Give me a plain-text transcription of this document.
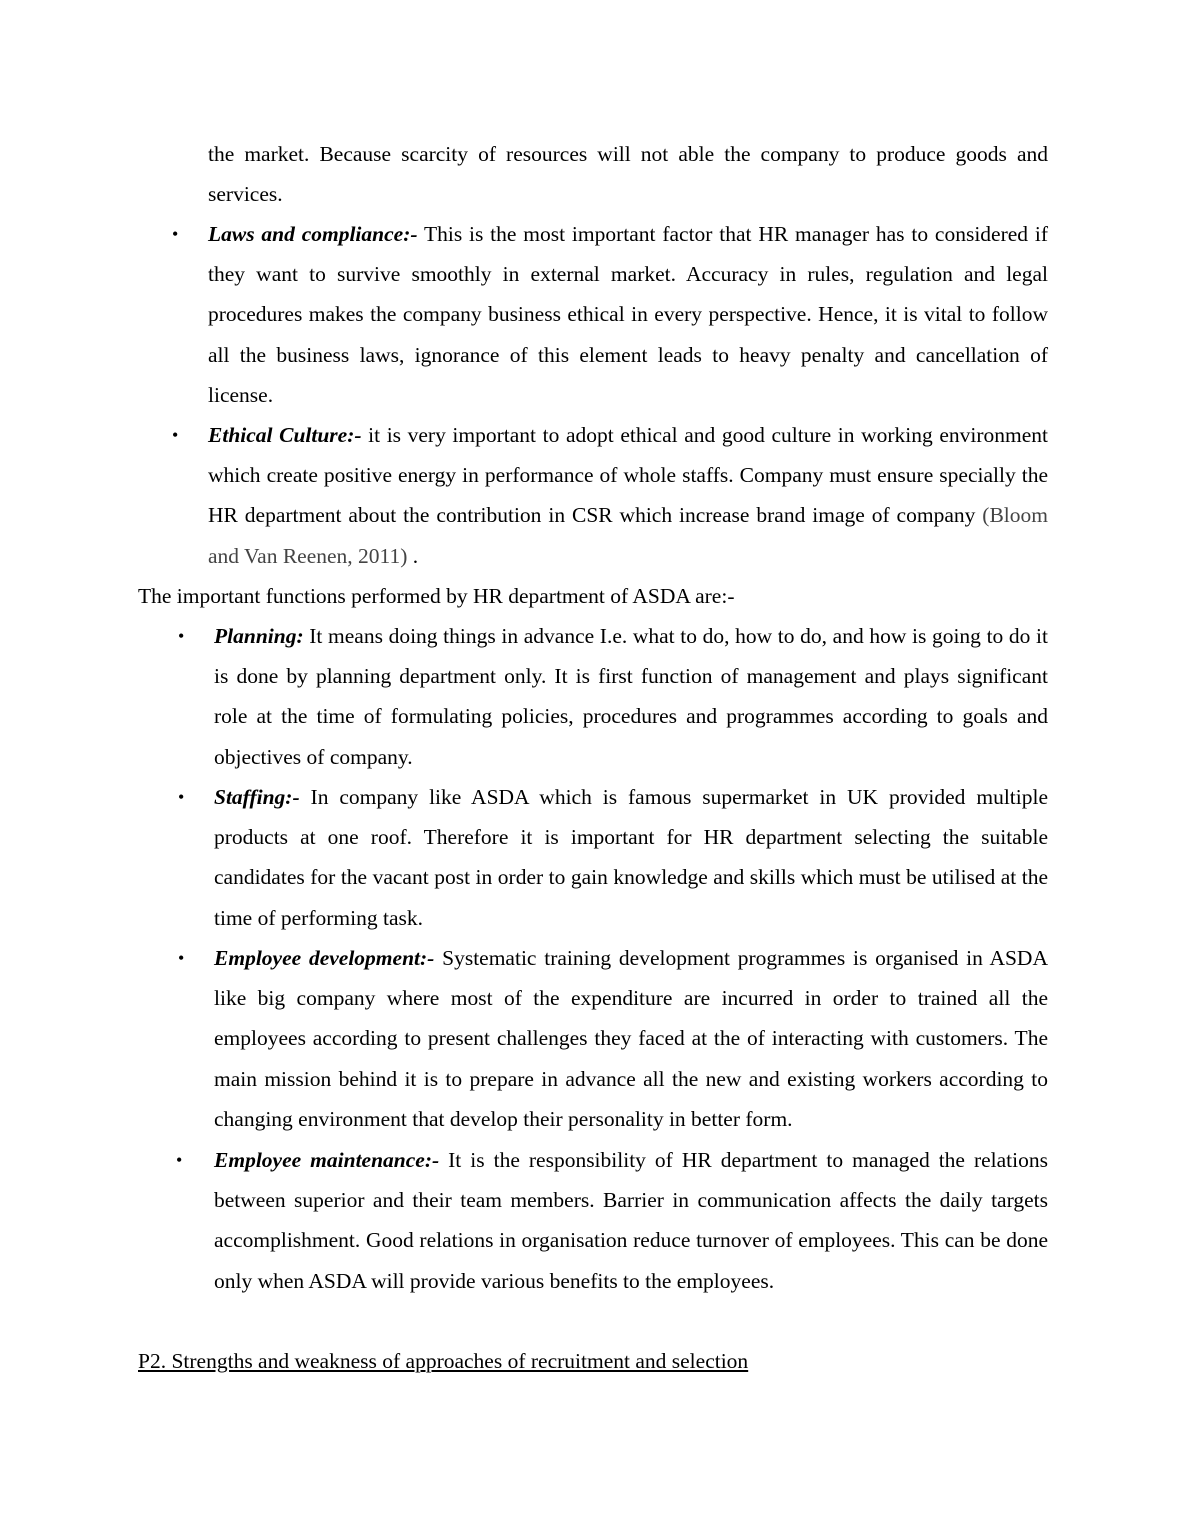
the market. Because scarcity of resources will not able the company to produce goods and services.

• Laws and compliance:- This is the most important factor that HR manager has to considered if they want to survive smoothly in external market. Accuracy in rules, regulation and legal procedures makes the company business ethical in every perspective. Hence, it is vital to follow all the business laws, ignorance of this element leads to heavy penalty and cancellation of license.

• Ethical Culture:- it is very important to adopt ethical and good culture in working environment which create positive energy in performance of whole staffs. Company must ensure specially the HR department about the contribution in CSR which increase brand image of company (Bloom and Van Reenen, 2011) .

The important functions performed by HR department of ASDA are:-

• Planning: It means doing things in advance I.e. what to do, how to do, and how is going to do it is done by planning department only. It is first function of management and plays significant role at the time of formulating policies, procedures and programmes according to goals and objectives of company.

• Staffing:- In company like ASDA which is famous supermarket in UK provided multiple products at one roof. Therefore it is important for HR department selecting the suitable candidates for the vacant post in order to gain knowledge and skills which must be utilised at the time of performing task.

• Employee development:- Systematic training development programmes is organised in ASDA like big company where most of the expenditure are incurred in order to trained all the employees according to present challenges they faced at the of interacting with customers. The main mission behind it is to prepare in advance all the new and existing workers according to changing environment that develop their personality in better form.

• Employee maintenance:- It is the responsibility of HR department to managed the relations between superior and their team members. Barrier in communication affects the daily targets accomplishment. Good relations in organisation reduce turnover of employees. This can be done only when ASDA will provide various benefits to the employees.

P2. Strengths and weakness of approaches of recruitment and selection
